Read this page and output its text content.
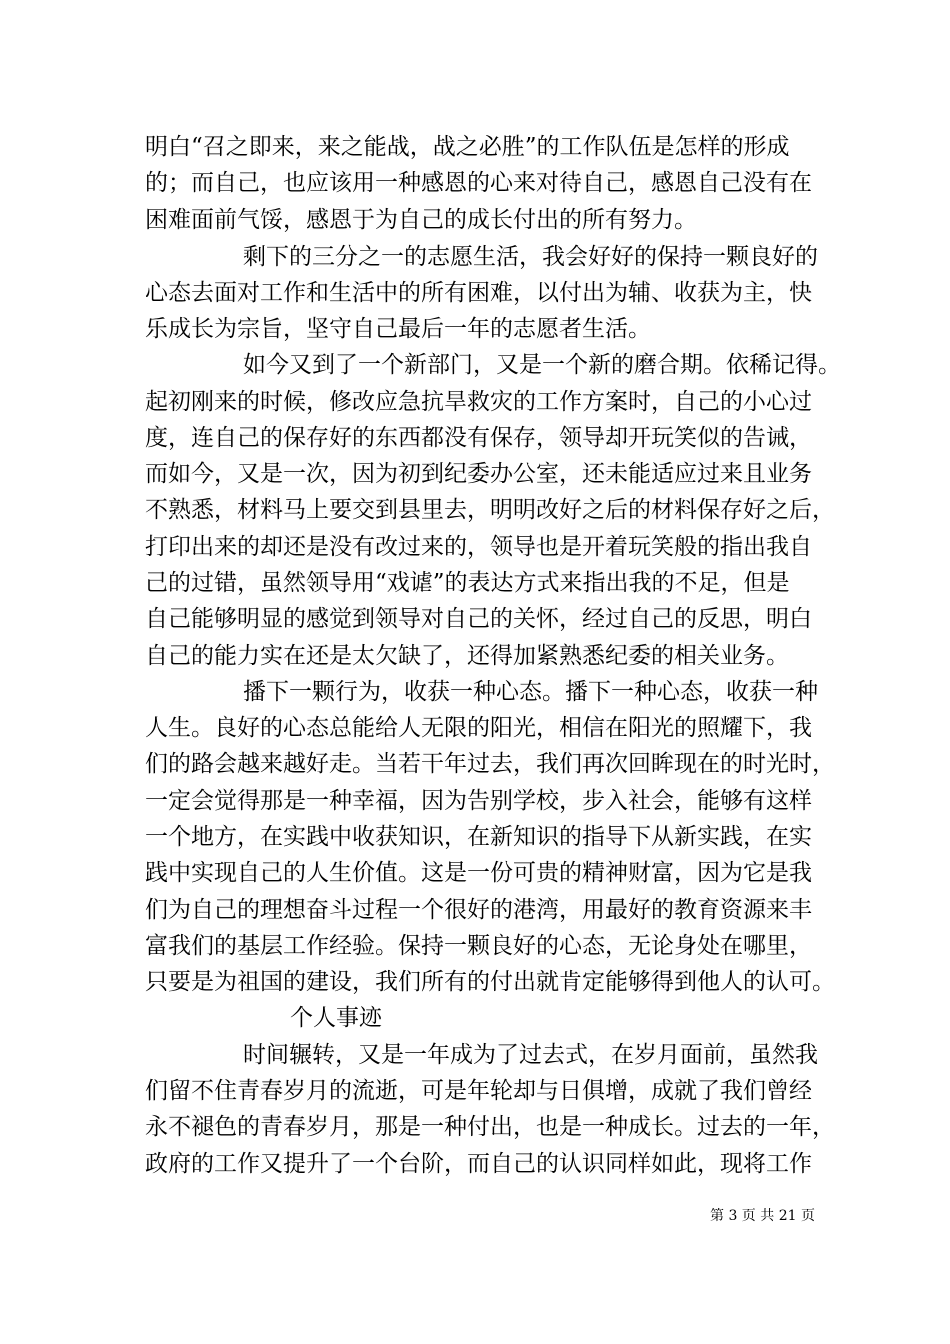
明白“召之即来，来之能战，战之必胜”的工作队伍是怎样的形成
的；而自己，也应该用一种感恩的心来对待自己，感恩自己没有在
困难面前气馁，感恩于为自己的成长付出的所有努力。
剩下的三分之一的志愿生活，我会好好的保持一颗良好的
心态去面对工作和生活中的所有困难，以付出为辅、收获为主，快
乐成长为宗旨，坚守自己最后一年的志愿者生活。
如今又到了一个新部门，又是一个新的磨合期。依稀记得。
起初刚来的时候，修改应急抗旱救灾的工作方案时，自己的小心过
度，连自己的保存好的东西都没有保存，领导却开玩笑似的告诫，
而如今，又是一次，因为初到纪委办公室，还未能适应过来且业务
不熟悉，材料马上要交到县里去，明明改好之后的材料保存好之后，
打印出来的却还是没有改过来的，领导也是开着玩笑般的指出我自
己的过错，虽然领导用“戏谑”的表达方式来指出我的不足，但是
自己能够明显的感觉到领导对自己的关怀，经过自己的反思，明白
自己的能力实在还是太欠缺了，还得加紧熟悉纪委的相关业务。
播下一颗行为，收获一种心态。播下一种心态，收获一种
人生。良好的心态总能给人无限的阳光，相信在阳光的照耀下，我
们的路会越来越好走。当若干年过去，我们再次回眸现在的时光时，
一定会觉得那是一种幸福，因为告别学校，步入社会，能够有这样
一个地方，在实践中收获知识，在新知识的指导下从新实践，在实
践中实现自己的人生价值。这是一份可贵的精神财富，因为它是我
们为自己的理想奋斗过程一个很好的港湾，用最好的教育资源来丰
富我们的基层工作经验。保持一颗良好的心态，无论身处在哪里，
只要是为祖国的建设，我们所有的付出就肯定能够得到他人的认可。
个人事迹
时间辗转，又是一年成为了过去式，在岁月面前，虽然我
们留不住青春岁月的流逝，可是年轮却与日俱增，成就了我们曾经
永不褪色的青春岁月，那是一种付出，也是一种成长。过去的一年，
政府的工作又提升了一个台阶，而自己的认识同样如此，现将工作
第 3 页 共 21 页
